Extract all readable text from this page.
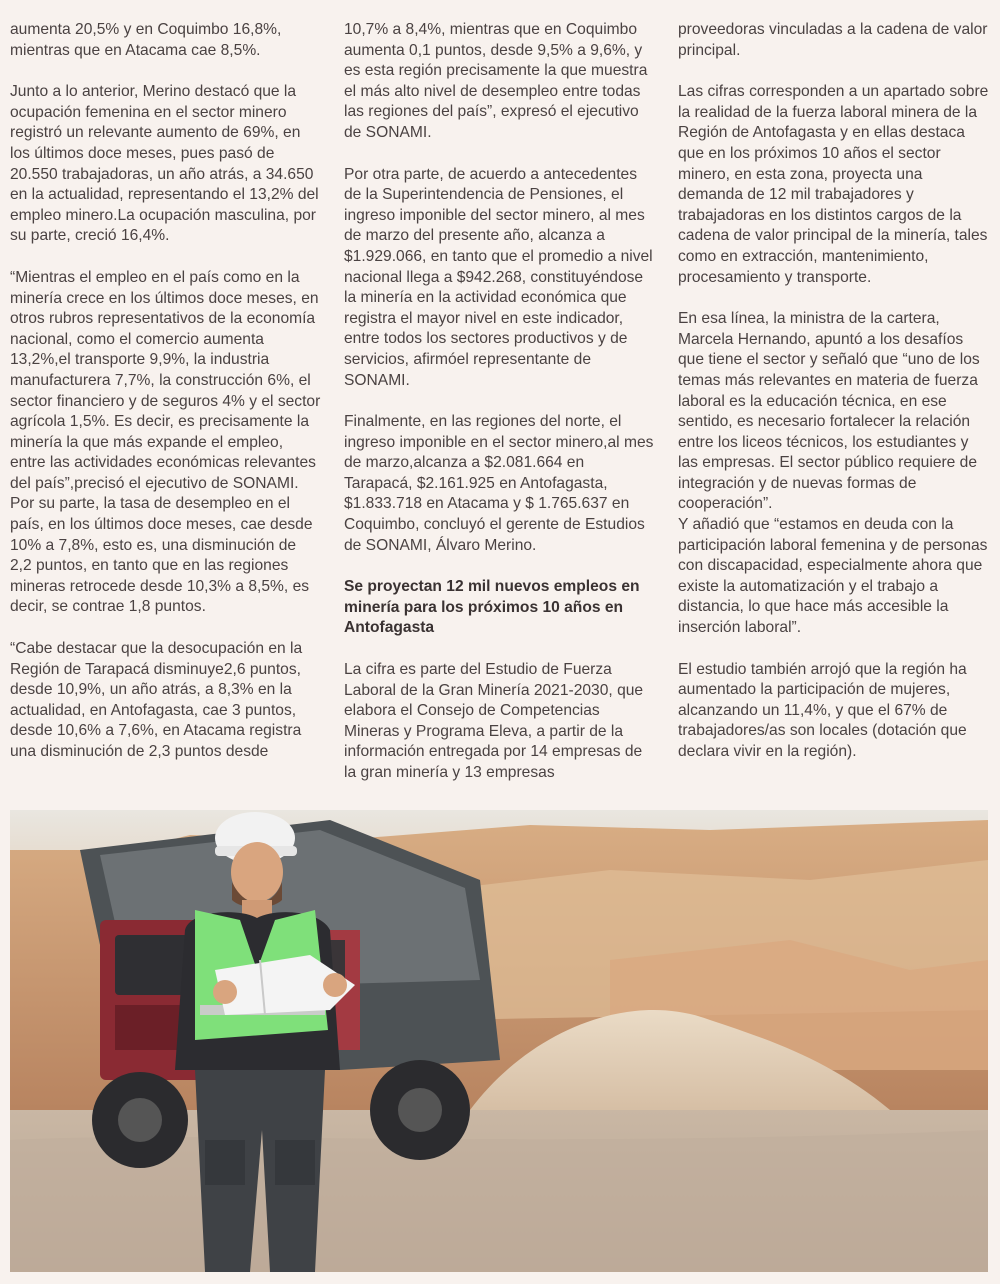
aumenta 20,5% y en Coquimbo 16,8%, mientras que en Atacama cae 8,5%.

Junto a lo anterior, Merino destacó que la ocupación femenina en el sector minero registró un relevante aumento de 69%, en los últimos doce meses, pues pasó de 20.550 trabajadoras, un año atrás, a 34.650 en la actualidad, representando el 13,2% del empleo minero.La ocupación masculina, por su parte, creció 16,4%.

“Mientras el empleo en el país como en la minería crece en los últimos doce meses, en otros rubros representativos de la economía nacional, como el comercio aumenta 13,2%,el transporte 9,9%, la industria manufacturera 7,7%, la construcción 6%, el sector financiero y de seguros 4% y el sector agrícola 1,5%. Es decir, es precisamente la minería la que más expande el empleo, entre las actividades económicas relevantes del país”,precisó el ejecutivo de SONAMI.

Por su parte, la tasa de desempleo en el país, en los últimos doce meses, cae desde 10% a 7,8%, esto es, una disminución de 2,2 puntos, en tanto que en las regiones mineras retrocede desde 10,3% a 8,5%, es decir, se contrae 1,8 puntos.

“Cabe destacar que la desocupación en la Región de Tarapacá disminuye2,6 puntos, desde 10,9%, un año atrás, a 8,3% en la actualidad, en Antofagasta, cae 3 puntos, desde 10,6% a 7,6%, en Atacama registra una disminución de 2,3 puntos desde

10,7% a 8,4%, mientras que en Coquimbo aumenta 0,1 puntos, desde 9,5% a 9,6%, y es esta región precisamente la que muestra el más alto nivel de desempleo entre todas las regiones del país”, expresó el ejecutivo de SONAMI.

Por otra parte, de acuerdo a antecedentes de la Superintendencia de Pensiones, el ingreso imponible del sector minero, al mes de marzo del presente año, alcanza a $1.929.066, en tanto que el promedio a nivel nacional llega a $942.268, constituyéndose la minería en la actividad económica que registra el mayor nivel en este indicador, entre todos los sectores productivos y de servicios, afirmóel representante de SONAMI.

Finalmente, en las regiones del norte, el ingreso imponible en el sector minero,al mes de marzo,alcanza a $2.081.664 en Tarapacá, $2.161.925 en Antofagasta, $1.833.718 en Atacama y $ 1.765.637 en Coquimbo, concluyó el gerente de Estudios de SONAMI, Álvaro Merino.

Se proyectan 12 mil nuevos empleos en minería para los próximos 10 años en Antofagasta

La cifra es parte del Estudio de Fuerza Laboral de la Gran Minería 2021-2030, que elabora el Consejo de Competencias Mineras y Programa Eleva, a partir de la información entregada por 14 empresas de la gran minería y 13 empresas

proveedoras vinculadas a la cadena de valor principal.

Las cifras corresponden a un apartado sobre la realidad de la fuerza laboral minera de la Región de Antofagasta y en ellas destaca que en los próximos 10 años el sector minero, en esta zona, proyecta una demanda de 12 mil trabajadores y trabajadoras en los distintos cargos de la cadena de valor principal de la minería, tales como en extracción, mantenimiento, procesamiento y transporte.

En esa línea, la ministra de la cartera, Marcela Hernando, apuntó a los desafíos que tiene el sector y señaló que “uno de los temas más relevantes en materia de fuerza laboral es la educación técnica, en ese sentido, es necesario fortalecer la relación entre los liceos técnicos, los estudiantes y las empresas. El sector público requiere de integración y de nuevas formas de cooperación”.

Y añadió que “estamos en deuda con la participación laboral femenina y de personas con discapacidad, especialmente ahora que existe la automatización y el trabajo a distancia, lo que hace más accesible la inserción laboral”.

El estudio también arrojó que la región ha aumentado la participación de mujeres, alcanzando un 11,4%, y que el 67% de trabajadores/as son locales (dotación que declara vivir en la región).
